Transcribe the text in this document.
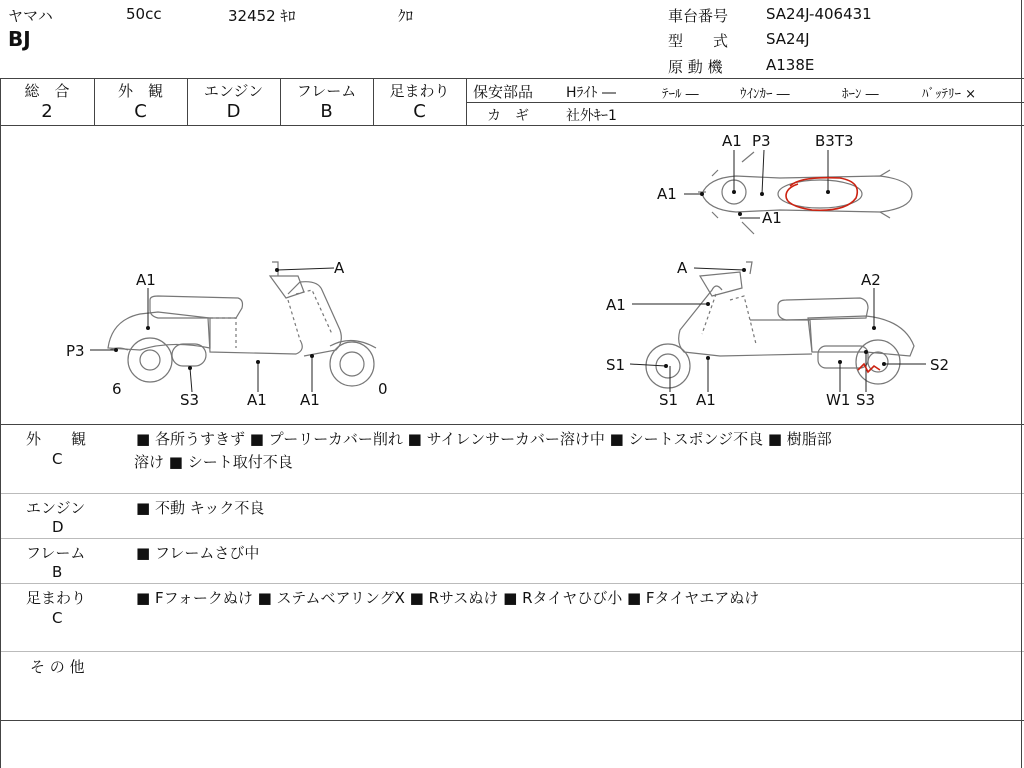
ヤマハ	50cc	32452 ｷﾛ	ｸﾛ
BJ
車台番号	SA24J-406431
型　　式	SA24J
原 動 機	A138E
総　合
2
外　観
C
エンジン
D
フレーム
B
足まわり
C
保安部品 Hﾗｲﾄ ―	ﾃｰﾙ ―	ｳｲﾝｶｰ ―	ﾎｰﾝ ―	ﾊﾞｯﾃﾘｰ ×
カ　ギ	社外ｷｰ1
A1
A
P3
6
S3	A1 A1
0
A
A2
A1
S1	S2
S1 A1	W1 S3
A1 P3	B3T3
A1
A1
外　　観
C
■ 各所うすきず ■ プーリーカバー削れ ■ サイレンサーカバー溶け中 ■ シートスポンジ不良 ■ 樹脂部
溶け ■ シート取付不良
エンジン
D
■ 不動 キック不良
フレーム
B
■ フレームさび中
足まわり
C
■ Fフォークぬけ ■ ステムベアリングX ■ Rサスぬけ ■ Rタイヤひび小 ■ Fタイヤエアぬけ
そ の 他
